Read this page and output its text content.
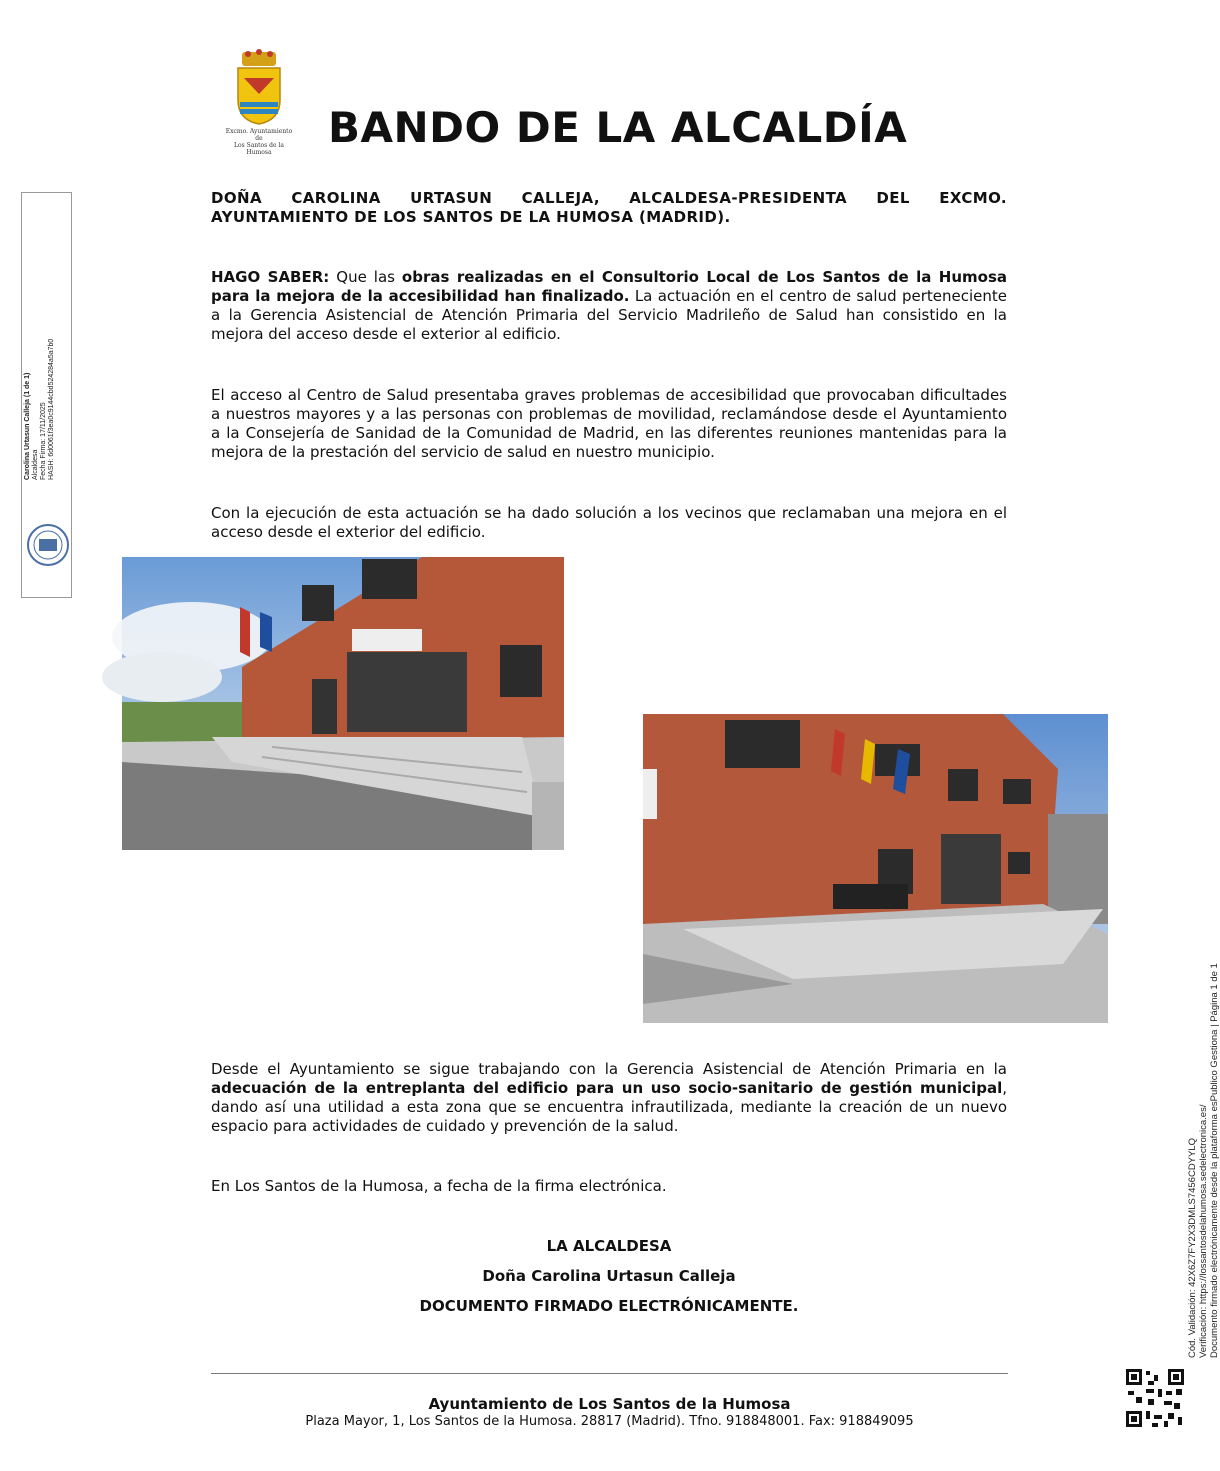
Excmo. Ayuntamiento de
Los Santos de la Humosa
BANDO DE LA ALCALDÍA
Carolina Urtasun Calleja (1 de 1) Alcaldesa Fecha Firma: 17/11/2025 HASH: 6d0061f3ea0c9144cbd524284a5a7b0
DOÑA CAROLINA URTASUN CALLEJA, ALCALDESA-PRESIDENTA DEL EXCMO. AYUNTAMIENTO DE LOS SANTOS DE LA HUMOSA (MADRID).
HAGO SABER: Que las obras realizadas en el Consultorio Local de Los Santos de la Humosa para la mejora de la accesibilidad han finalizado. La actuación en el centro de salud perteneciente a la Gerencia Asistencial de Atención Primaria del Servicio Madrileño de Salud han consistido en la mejora del acceso desde el exterior al edificio.
El acceso al Centro de Salud presentaba graves problemas de accesibilidad que provocaban dificultades a nuestros mayores y a las personas con problemas de movilidad, reclamándose desde el Ayuntamiento a la Consejería de Sanidad de la Comunidad de Madrid, en las diferentes reuniones mantenidas para la mejora de la prestación del servicio de salud en nuestro municipio.
Con la ejecución de esta actuación se ha dado solución a los vecinos que reclamaban una mejora en el acceso desde el exterior del edificio.
Desde el Ayuntamiento se sigue trabajando con la Gerencia Asistencial de Atención Primaria en la adecuación de la entreplanta del edificio para un uso socio-sanitario de gestión municipal, dando así una utilidad a esta zona que se encuentra infrautilizada, mediante la creación de un nuevo espacio para actividades de cuidado y prevención de la salud.
En Los Santos de la Humosa, a fecha de la firma electrónica.
LA ALCALDESA
Doña Carolina Urtasun Calleja
DOCUMENTO FIRMADO ELECTRÓNICAMENTE.
Ayuntamiento de Los Santos de la Humosa
Plaza Mayor, 1, Los Santos de la Humosa. 28817 (Madrid). Tfno. 918848001. Fax: 918849095
Cód. Validación: 42X6Z7FY2X3DMLS7456CDYYLQ Verificación: https://lossantosdelahumosa.sedelectronica.es/ Documento firmado electrónicamente desde la plataforma esPublico Gestiona | Página 1 de 1
